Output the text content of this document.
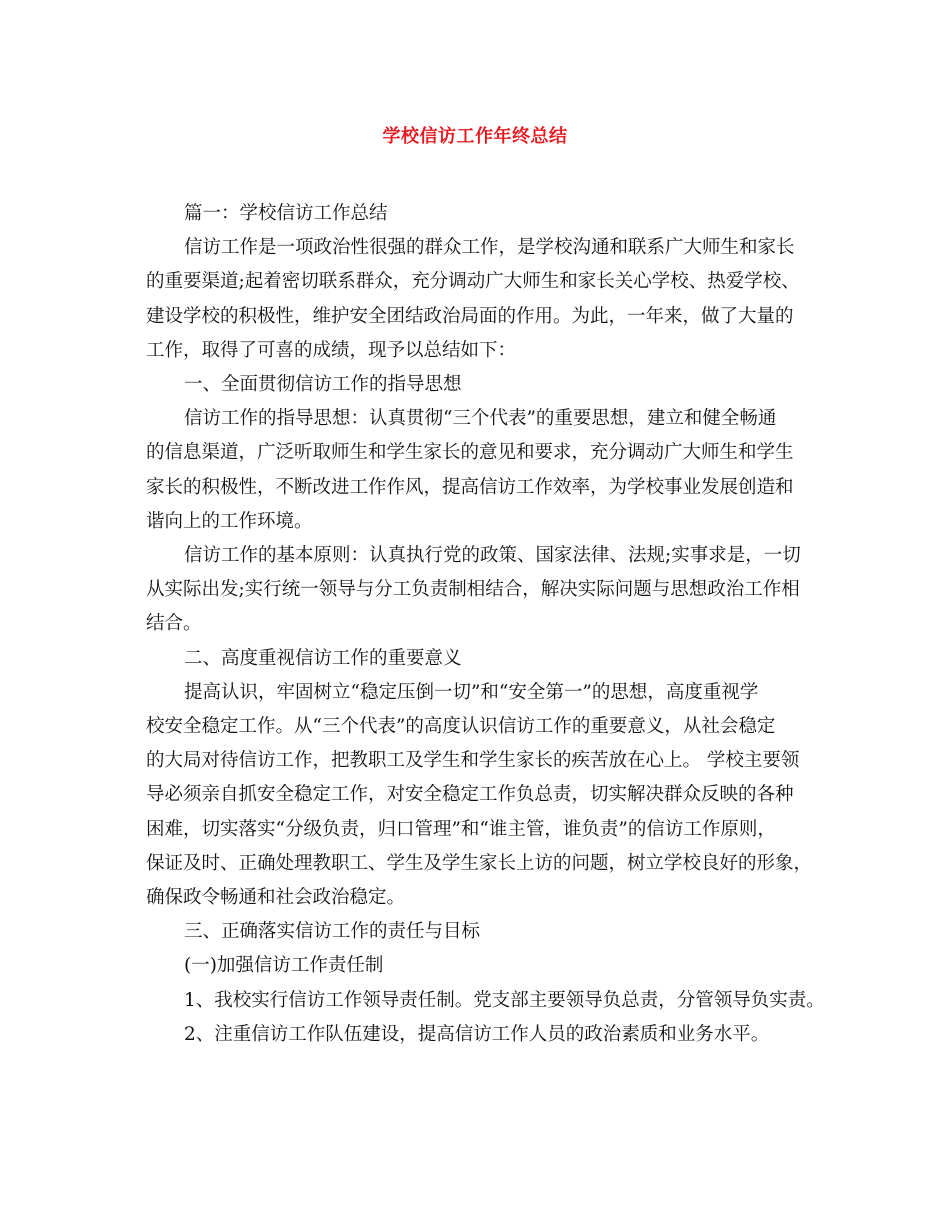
学校信访工作年终总结

篇一：学校信访工作总结

信访工作是一项政治性很强的群众工作，是学校沟通和联系广大师生和家长

的重要渠道;起着密切联系群众，充分调动广大师生和家长关心学校、热爱学校、

建设学校的积极性，维护安全团结政治局面的作用。为此，一年来，做了大量的

工作，取得了可喜的成绩，现予以总结如下：

一、全面贯彻信访工作的指导思想

信访工作的指导思想：认真贯彻“三个代表”的重要思想，建立和健全畅通

的信息渠道，广泛听取师生和学生家长的意见和要求，充分调动广大师生和学生

家长的积极性，不断改进工作作风，提高信访工作效率，为学校事业发展创造和

谐向上的工作环境。

信访工作的基本原则：认真执行党的政策、国家法律、法规;实事求是，一切

从实际出发;实行统一领导与分工负责制相结合，解决实际问题与思想政治工作相

结合。

二、高度重视信访工作的重要意义

提高认识，牢固树立“稳定压倒一切”和“安全第一”的思想，高度重视学

校安全稳定工作。从“三个代表”的高度认识信访工作的重要意义，从社会稳定

的大局对待信访工作，把教职工及学生和学生家长的疾苦放在心上。 学校主要领

导必须亲自抓安全稳定工作，对安全稳定工作负总责，切实解决群众反映的各种

困难，切实落实“分级负责，归口管理”和“谁主管，谁负责”的信访工作原则，

保证及时、正确处理教职工、学生及学生家长上访的问题，树立学校良好的形象，

确保政令畅通和社会政治稳定。

三、正确落实信访工作的责任与目标

(一)加强信访工作责任制

1、我校实行信访工作领导责任制。党支部主要领导负总责，分管领导负实责。

2、注重信访工作队伍建设，提高信访工作人员的政治素质和业务水平。
